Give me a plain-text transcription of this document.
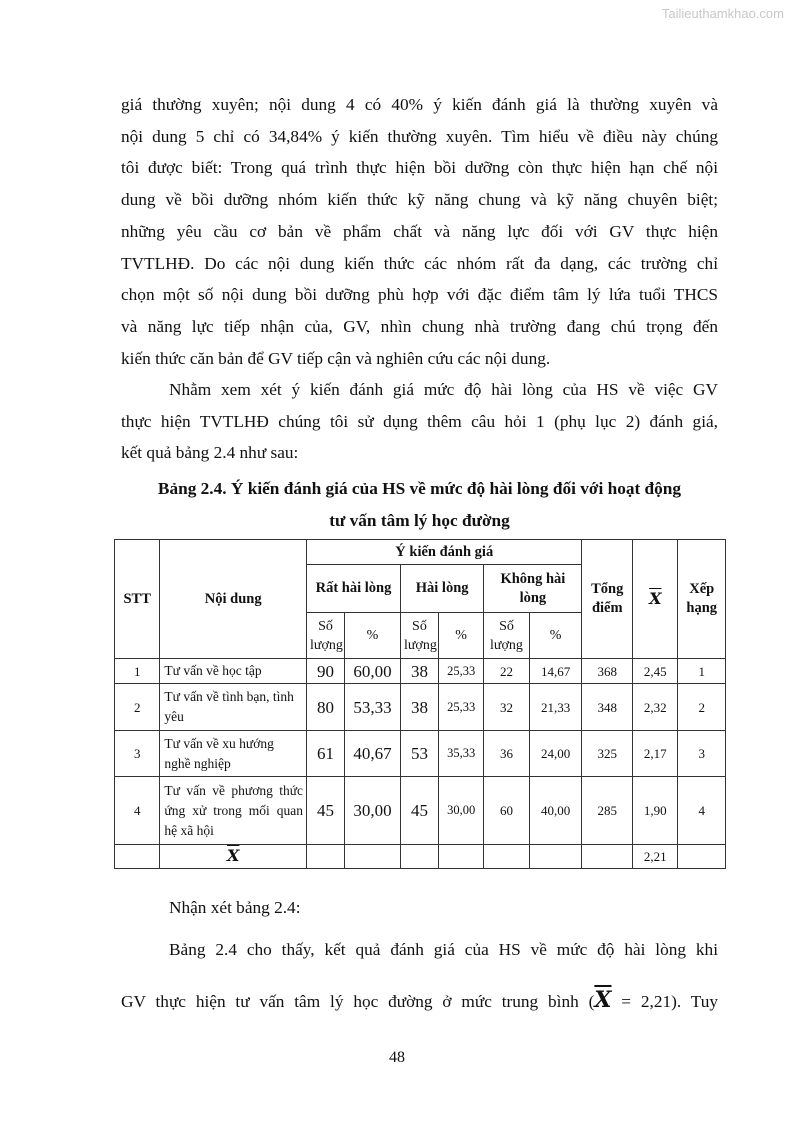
Tailieuthamkhao.com

giá thường xuyên; nội dung 4 có 40% ý kiến đánh giá là thường xuyên và
nội dung 5 chỉ có 34,84% ý kiến thường xuyên. Tìm hiểu về điều này chúng
tôi được biết: Trong quá trình thực hiện bồi dưỡng còn thực hiện hạn chế nội
dung về bồi dưỡng nhóm kiến thức kỹ năng chung và kỹ năng chuyên biệt;
những yêu cầu cơ bản về phẩm chất và năng lực đối với GV thực hiện
TVTLHĐ. Do các nội dung kiến thức các nhóm rất đa dạng, các trường chỉ
chọn một số nội dung bồi dưỡng phù hợp với đặc điểm tâm lý lứa tuổi THCS
và năng lực tiếp nhận của, GV, nhìn chung nhà trường đang chú trọng đến
kiến thức căn bản để GV tiếp cận và nghiên cứu các nội dung.

Nhằm xem xét ý kiến đánh giá mức độ hài lòng của HS về việc GV
thực hiện TVTLHĐ chúng tôi sử dụng thêm câu hỏi 1 (phụ lục 2) đánh giá,
kết quả bảng 2.4 như sau:

Bảng 2.4. Ý kiến đánh giá của HS về mức độ hài lòng đối với hoạt động
tư vấn tâm lý học đường

STT	Nội dung	Ý kiến đánh giá						Tổng điểm	$\overline{X}$	Xếp hạng
		Rất hài lòng		Hài lòng		Không hài lòng				
		Số lượng	%	Số lượng	%	Số lượng	%			
1	Tư vấn về học tập	90	60,00	38	25,33	22	14,67	368	2,45	1
2	Tư vấn về tình bạn, tình yêu	80	53,33	38	25,33	32	21,33	348	2,32	2
3	Tư vấn về xu hướng nghề nghiệp	61	40,67	53	35,33	36	24,00	325	2,17	3
4	Tư vấn về phương thức ứng xử trong mối quan hệ xã hội	45	30,00	45	30,00	60	40,00	285	1,90	4
	$\overline{X}$								2,21	

Nhận xét bảng 2.4:

Bảng 2.4 cho thấy, kết quả đánh giá của HS về mức độ hài lòng khi
GV thực hiện tư vấn tâm lý học đường ở mức trung bình $(\overline{X} = 2,21)$. Tuy

48
